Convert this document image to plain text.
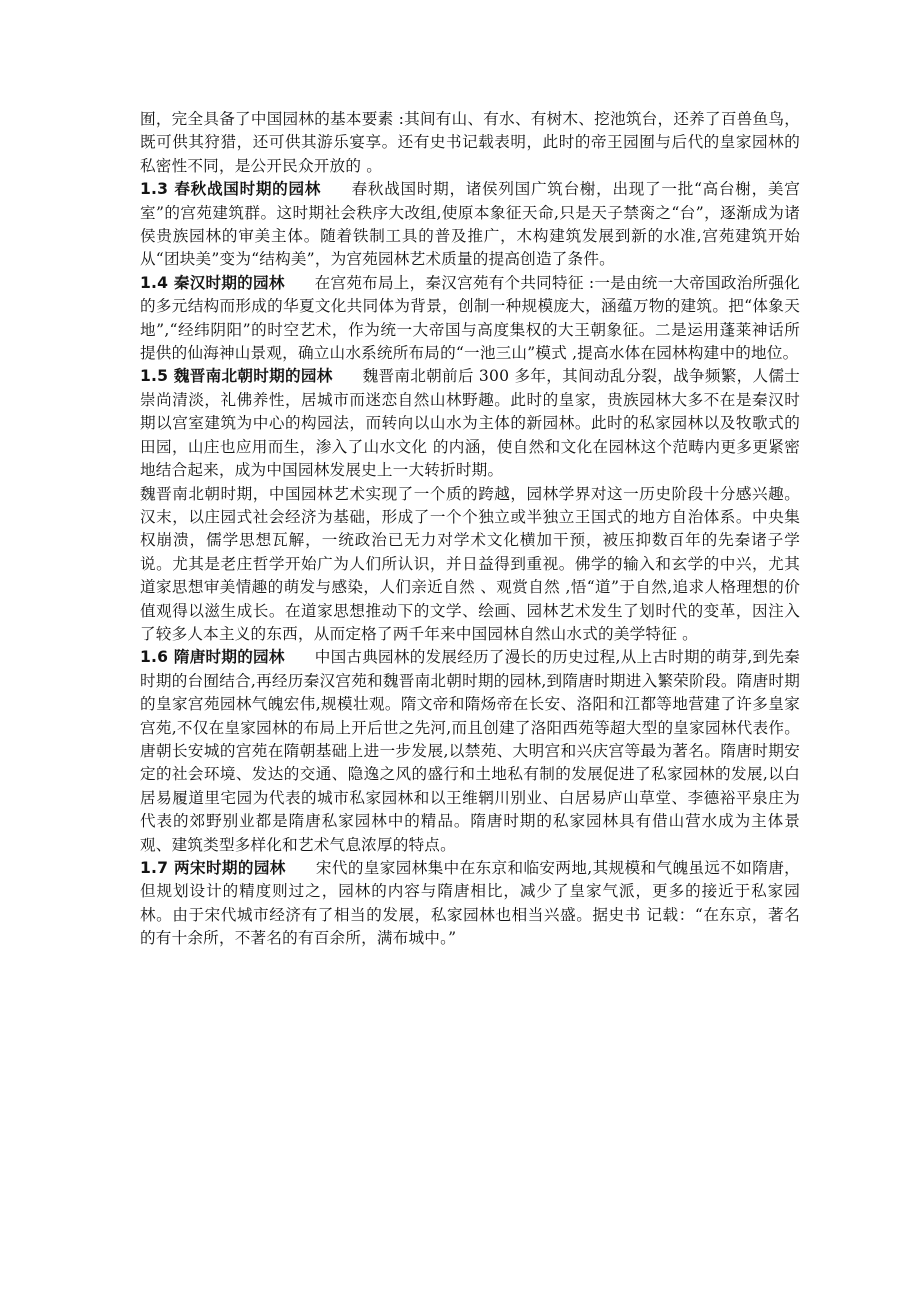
囿，完全具备了中国园林的基本要素 :其间有山、有水、有树木、挖池筑台，还养了百兽鱼鸟，既可供其狩猎，还可供其游乐宴享。还有史书记载表明，此时的帝王园囿与后代的皇家园林的私密性不同，是公开民众开放的 。

1.3 春秋战国时期的园林 春秋战国时期，诸侯列国广筑台榭，出现了一批“高台榭，美宫室”的宫苑建筑群。这时期社会秩序大改组,使原本象征天命,只是天子禁脔之“台”，逐渐成为诸侯贵族园林的审美主体。随着铁制工具的普及推广，木构建筑发展到新的水准,宫苑建筑开始从“团块美”变为“结构美”，为宫苑园林艺术质量的提高创造了条件。

1.4 秦汉时期的园林 在宫苑布局上，秦汉宫苑有个共同特征 :一是由统一大帝国政治所强化的多元结构而形成的华夏文化共同体为背景，创制一种规模庞大，涵蕴万物的建筑。把“体象天地”,“经纬阴阳”的时空艺术，作为统一大帝国与高度集权的大王朝象征。二是运用蓬莱神话所提供的仙海神山景观，确立山水系统所布局的“一池三山”模式 ,提高水体在园林构建中的地位。

1.5 魏晋南北朝时期的园林 魏晋南北朝前后 300 多年，其间动乱分裂，战争频繁，人儒士崇尚清淡，礼佛养性，居城市而迷恋自然山林野趣。此时的皇家，贵族园林大多不在是秦汉时期以宫室建筑为中心的构园法，而转向以山水为主体的新园林。此时的私家园林以及牧歌式的田园，山庄也应用而生，渗入了山水文化 的内涵，使自然和文化在园林这个范畴内更多更紧密地结合起来，成为中国园林发展史上一大转折时期。

魏晋南北朝时期，中国园林艺术实现了一个质的跨越，园林学界对这一历史阶段十分感兴趣。汉末，以庄园式社会经济为基础，形成了一个个独立或半独立王国式的地方自治体系。中央集权崩溃，儒学思想瓦解，一统政治已无力对学术文化横加干预，被压抑数百年的先秦诸子学说。尤其是老庄哲学开始广为人们所认识，并日益得到重视。佛学的输入和玄学的中兴，尤其道家思想审美情趣的萌发与感染，人们亲近自然 、观赏自然 ,悟“道”于自然,追求人格理想的价值观得以滋生成长。在道家思想推动下的文学、绘画、园林艺术发生了划时代的变革，因注入了较多人本主义的东西，从而定格了两千年来中国园林自然山水式的美学特征 。

1.6 隋唐时期的园林 中国古典园林的发展经历了漫长的历史过程,从上古时期的萌芽,到先秦时期的台囿结合,再经历秦汉宫苑和魏晋南北朝时期的园林,到隋唐时期进入繁荣阶段。隋唐时期的皇家宫苑园林气魄宏伟,规模壮观。隋文帝和隋炀帝在长安、洛阳和江都等地营建了许多皇家宫苑,不仅在皇家园林的布局上开后世之先河,而且创建了洛阳西苑等超大型的皇家园林代表作。唐朝长安城的宫苑在隋朝基础上进一步发展,以禁苑、大明宫和兴庆宫等最为著名。隋唐时期安定的社会环境、发达的交通、隐逸之风的盛行和土地私有制的发展促进了私家园林的发展,以白居易履道里宅园为代表的城市私家园林和以王维辋川别业、白居易庐山草堂、李德裕平泉庄为代表的郊野别业都是隋唐私家园林中的精品。隋唐时期的私家园林具有借山营水成为主体景观、建筑类型多样化和艺术气息浓厚的特点。

1.7 两宋时期的园林 宋代的皇家园林集中在东京和临安两地,其规模和气魄虽远不如隋唐，但规划设计的精度则过之，园林的内容与隋唐相比，减少了皇家气派，更多的接近于私家园林。由于宋代城市经济有了相当的发展，私家园林也相当兴盛。据史书 记载：“在东京，著名的有十余所，不著名的有百余所，满布城中。”
